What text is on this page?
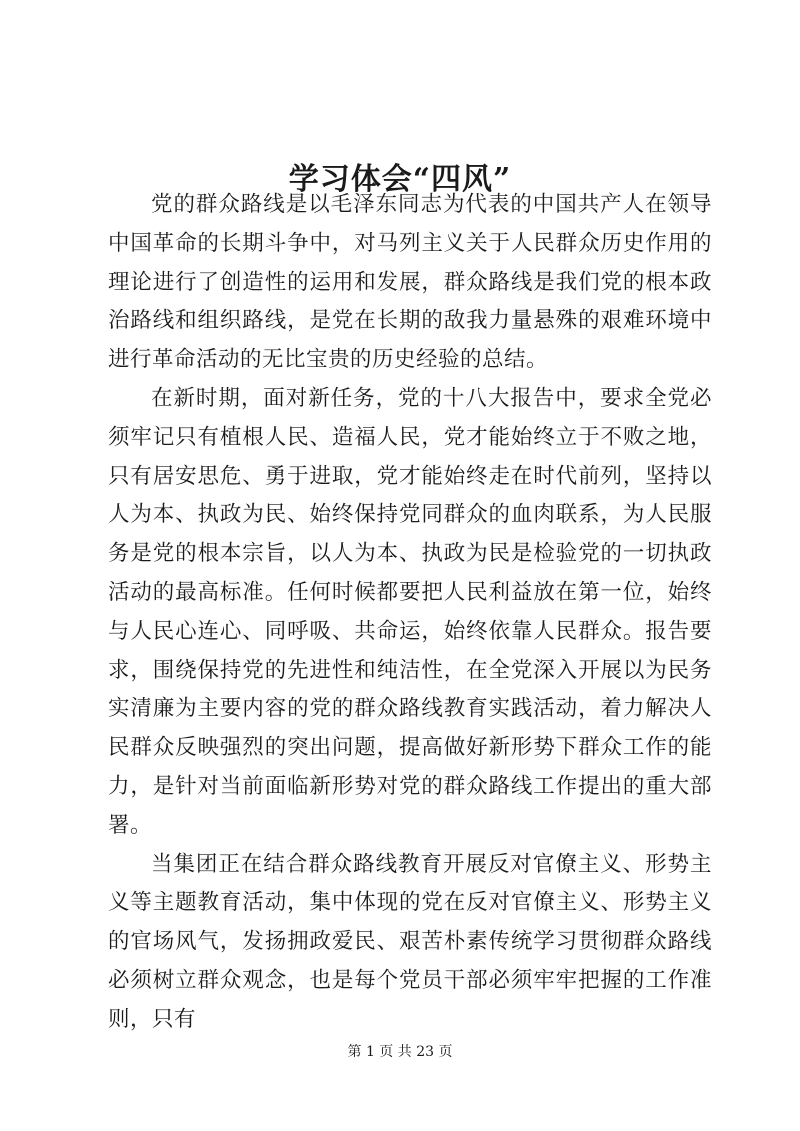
学习体会“四风”

党的群众路线是以毛泽东同志为代表的中国共产人在领导中国革命的长期斗争中，对马列主义关于人民群众历史作用的理论进行了创造性的运用和发展，群众路线是我们党的根本政治路线和组织路线，是党在长期的敌我力量悬殊的艰难环境中进行革命活动的无比宝贵的历史经验的总结。

在新时期，面对新任务，党的十八大报告中，要求全党必须牢记只有植根人民、造福人民，党才能始终立于不败之地，只有居安思危、勇于进取，党才能始终走在时代前列，坚持以人为本、执政为民、始终保持党同群众的血肉联系，为人民服务是党的根本宗旨，以人为本、执政为民是检验党的一切执政活动的最高标准。任何时候都要把人民利益放在第一位，始终与人民心连心、同呼吸、共命运，始终依靠人民群众。报告要求，围绕保持党的先进性和纯洁性，在全党深入开展以为民务实清廉为主要内容的党的群众路线教育实践活动，着力解决人民群众反映强烈的突出问题，提高做好新形势下群众工作的能力，是针对当前面临新形势对党的群众路线工作提出的重大部署。

当集团正在结合群众路线教育开展反对官僚主义、形势主义等主题教育活动，集中体现的党在反对官僚主义、形势主义的官场风气，发扬拥政爱民、艰苦朴素传统学习贯彻群众路线必须树立群众观念，也是每个党员干部必须牢牢把握的工作准则，只有

第 1 页 共 23 页
